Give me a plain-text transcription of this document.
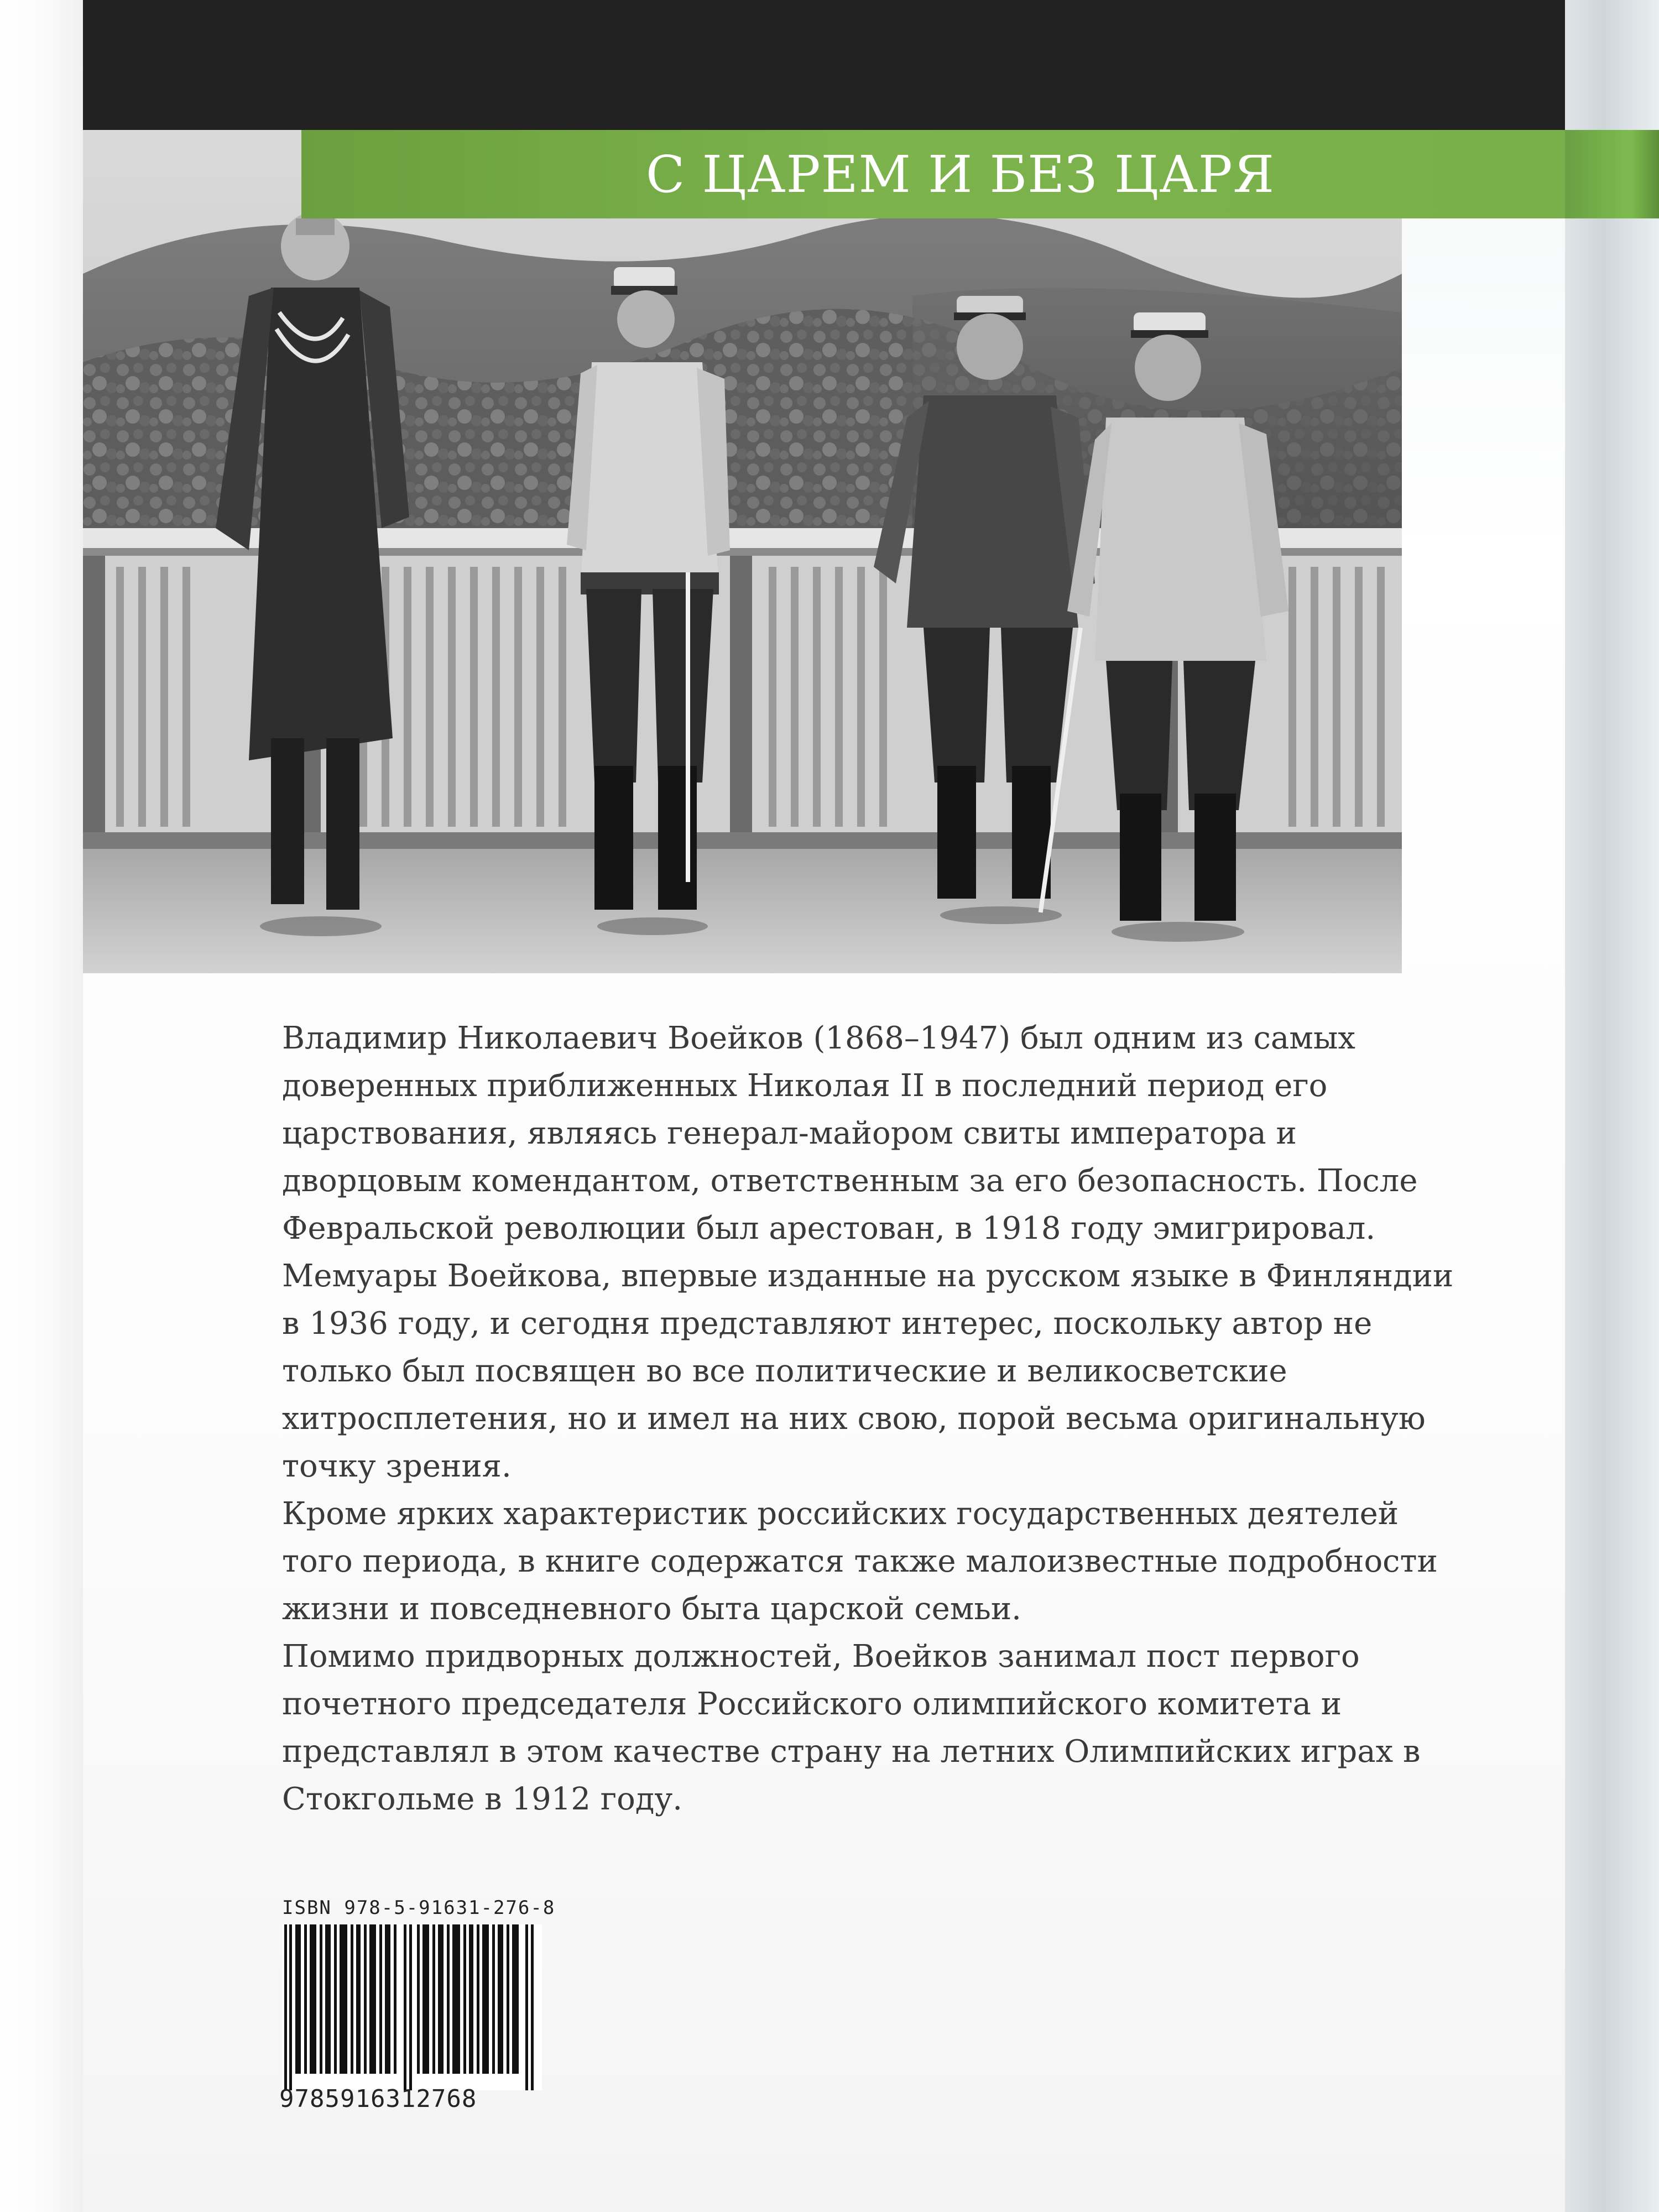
С ЦАРЕМ И БЕЗ ЦАРЯ

Владимир Николаевич Воейков (1868–1947) был одним из самых доверенных приближенных Николая II в последний период его царствования, являясь генерал-майором свиты императора и дворцовым комендантом, ответственным за его безопасность. После Февральской революции был арестован, в 1918 году эмигрировал.

Мемуары Воейкова, впервые изданные на русском языке в Финляндии в 1936 году, и сегодня представляют интерес, поскольку автор не только был посвящен во все политические и великосветские хитросплетения, но и имел на них свою, порой весьма оригинальную точку зрения.

Кроме ярких характеристик российских государственных деятелей того периода, в книге содержатся также малоизвестные подробности жизни и повседневного быта царской семьи.

Помимо придворных должностей, Воейков занимал пост первого почетного председателя Российского олимпийского комитета и представлял в этом качестве страну на летних Олимпийских играх в Стокгольме в 1912 году.

ISBN 978-5-91631-276-8
9785916312768
